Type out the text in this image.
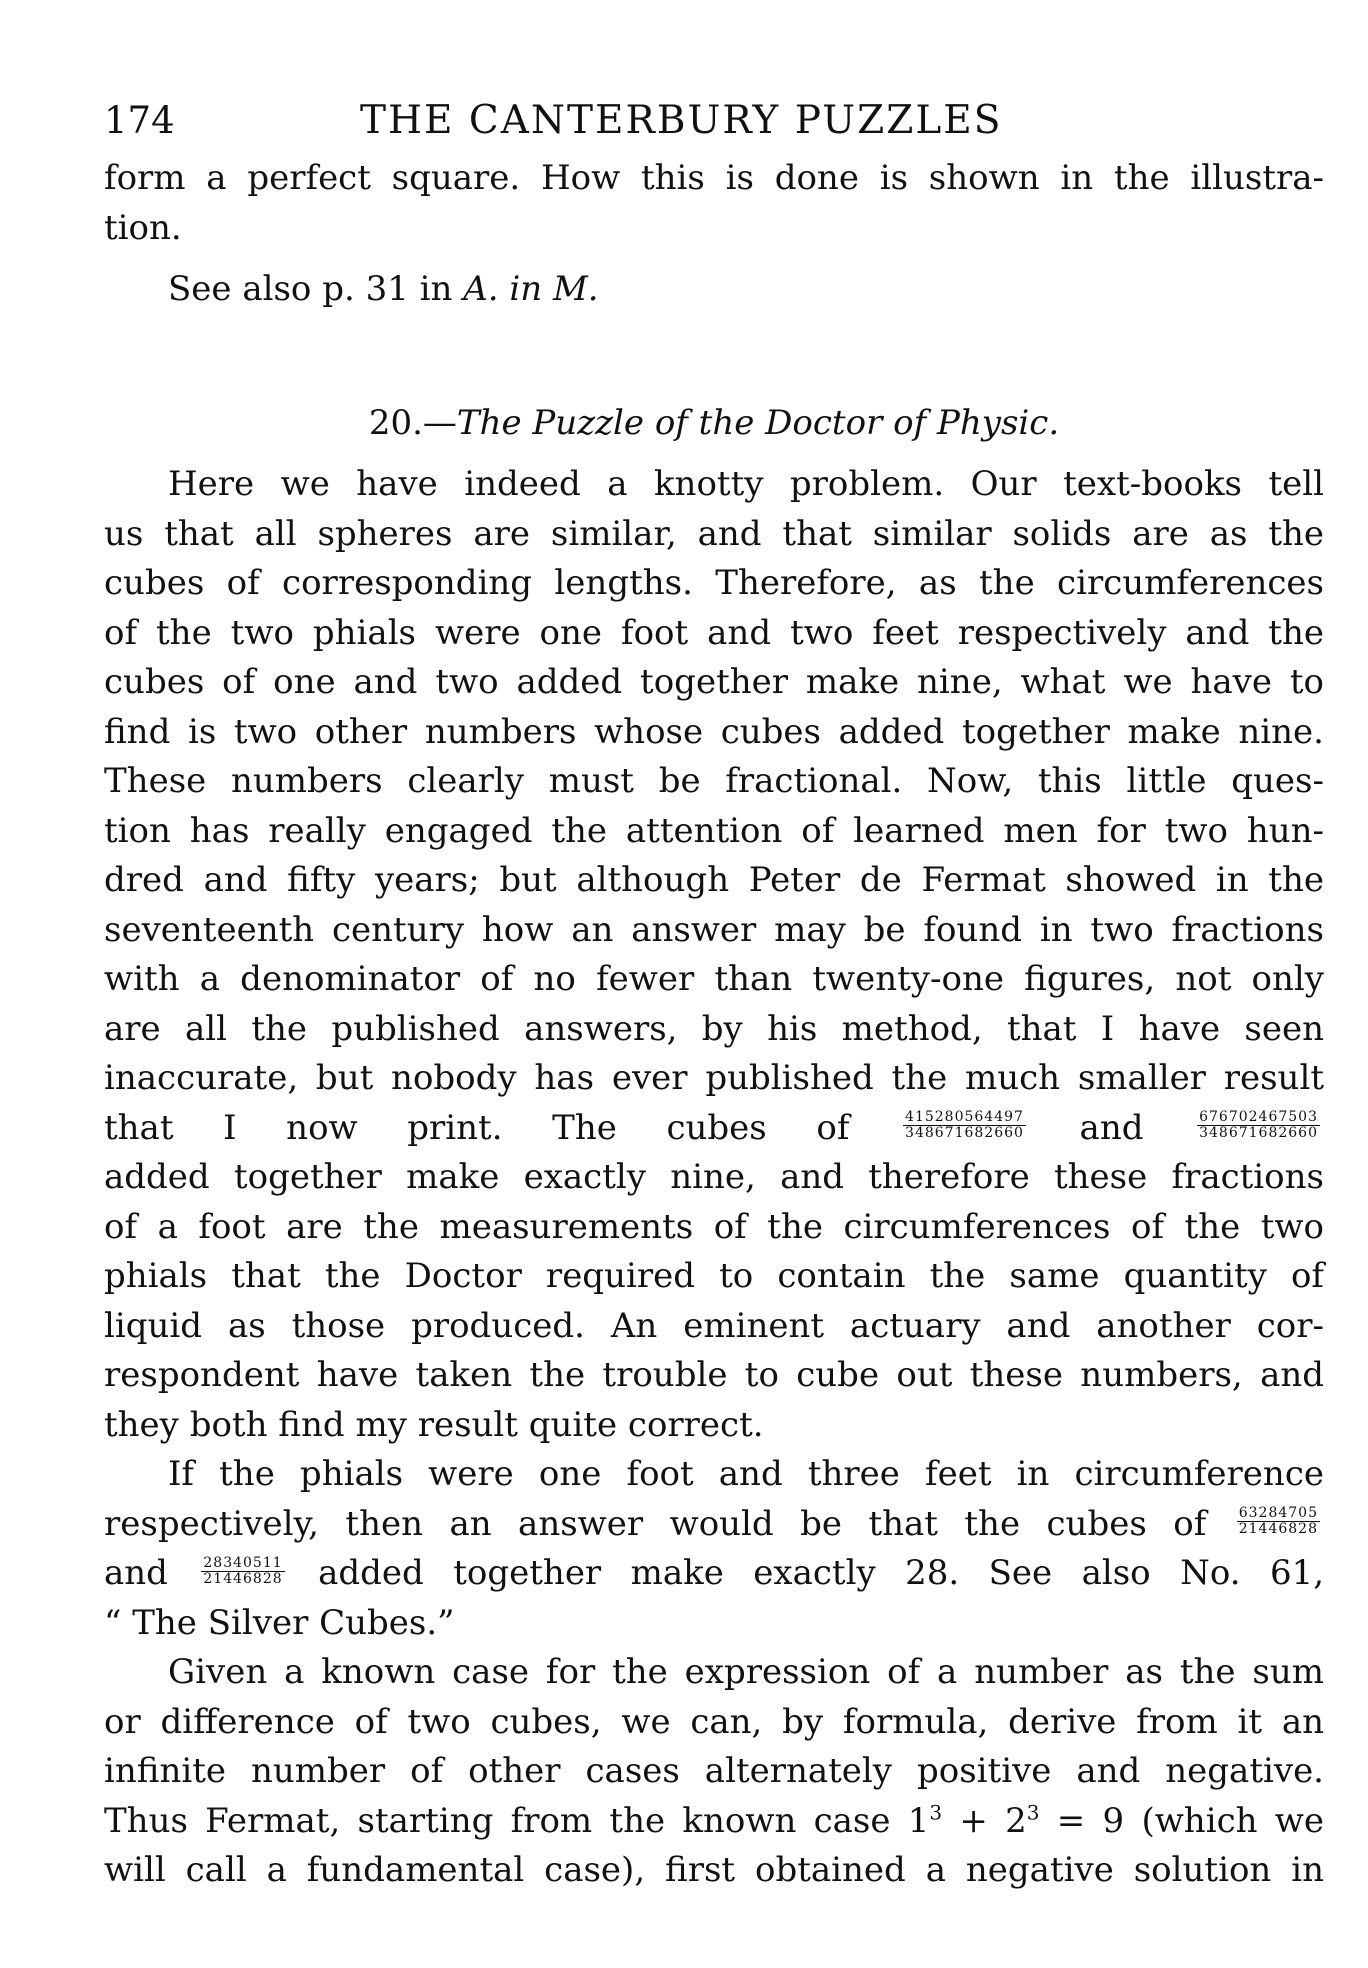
174	THE CANTERBURY PUZZLES

form a perfect square. How this is done is shown in the illustra-

tion.

See also p. 31 in A. in M.

20.—The Puzzle of the Doctor of Physic.

Here we have indeed a knotty problem. Our text-books tell

us that all spheres are similar, and that similar solids are as the

cubes of corresponding lengths. Therefore, as the circumferences

of the two phials were one foot and two feet respectively and the

cubes of one and two added together make nine, what we have to

find is two other numbers whose cubes added together make nine.

These numbers clearly must be fractional. Now, this little ques-

tion has really engaged the attention of learned men for two hun-

dred and fifty years; but although Peter de Fermat showed in the

seventeenth century how an answer may be found in two fractions

with a denominator of no fewer than twenty-one figures, not only

are all the published answers, by his method, that I have seen

inaccurate, but nobody has ever published the much smaller result

that I now print. The cubes of	$\frac{415280564497}{348671682660}$ and	$\frac{676702467503}{348671682660}$

added together make exactly nine, and therefore these fractions

of a foot are the measurements of the circumferences of the two

phials that the Doctor required to contain the same quantity of

liquid as those produced. An eminent actuary and another cor-

respondent have taken the trouble to cube out these numbers, and

they both find my result quite correct.

If the phials were one foot and three feet in circumference

respectively, then an answer would be that the cubes of $\frac{63284705}{21446828}$

and $\frac{28340511}{21446828}$ added together make exactly 28. See also No. 61,

“ The Silver Cubes.”

Given a known case for the expression of a number as the sum

or difference of two cubes, we can, by formula, derive from it an

infinite number of other cases alternately positive and negative.

Thus Fermat, starting from the known case $1^3 + 2^3 = 9$ (which we

will call a fundamental case), first obtained a negative solution in
